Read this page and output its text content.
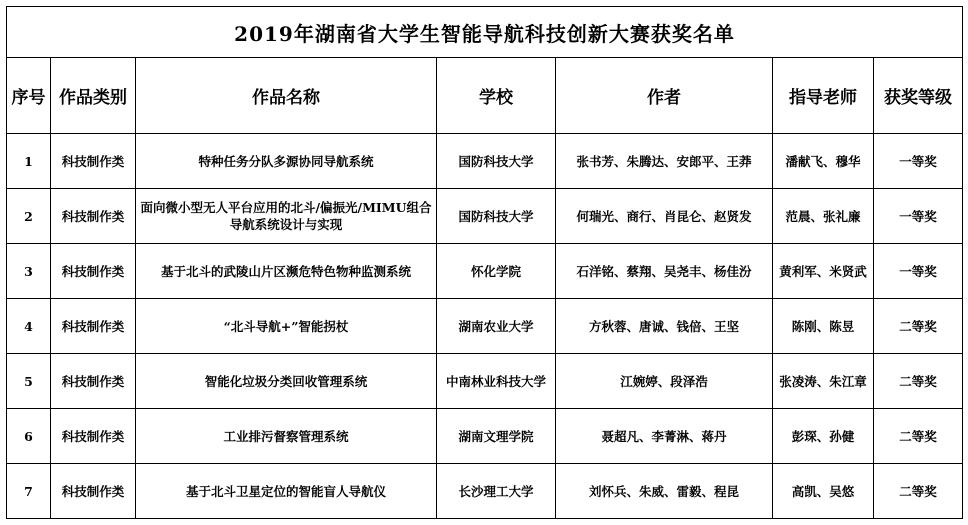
2019年湖南省大学生智能导航科技创新大赛获奖名单						
序号	作品类别	作品名称	学校	作者	指导老师	获奖等级
1	科技制作类	特种任务分队多源协同导航系统	国防科技大学	张书芳、朱腾达、安郎平、王莽	潘献飞、穆华	一等奖
2	科技制作类	面向微小型无人平台应用的北斗/偏振光/MIMU组合导航系统设计与实现	国防科技大学	何瑞光、商行、肖昆仑、赵贤发	范晨、张礼廉	一等奖
3	科技制作类	基于北斗的武陵山片区濒危特色物种监测系统	怀化学院	石洋铭、蔡翔、吴尧丰、杨佳汾	黄利军、米贤武	一等奖
4	科技制作类	“北斗导航+”智能拐杖	湖南农业大学	方秋蓉、唐诚、钱倍、王坚	陈刚、陈昱	二等奖
5	科技制作类	智能化垃圾分类回收管理系统	中南林业科技大学	江婉婷、段泽浩	张凌涛、朱江章	二等奖
6	科技制作类	工业排污督察管理系统	湖南文理学院	聂超凡、李菁淋、蒋丹	彭琛、孙健	二等奖
7	科技制作类	基于北斗卫星定位的智能盲人导航仪	长沙理工大学	刘怀兵、朱威、雷毅、程昆	高凯、吴悠	二等奖
